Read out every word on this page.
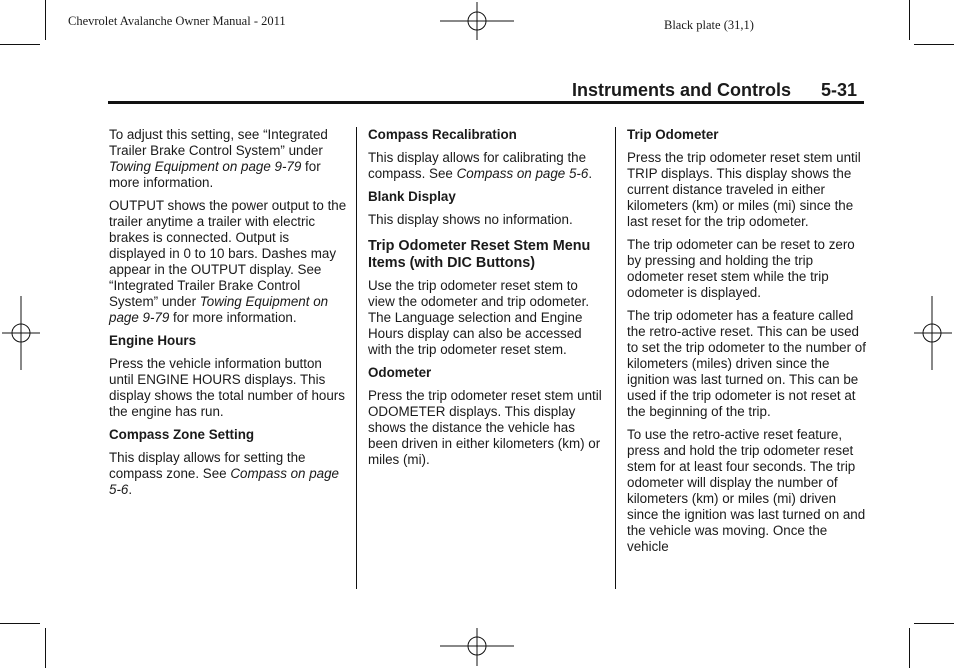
Chevrolet Avalanche Owner Manual - 2011	Black plate (31,1)
Instruments and Controls 5-31

To adjust this setting, see “Integrated Trailer Brake Control System” under Towing Equipment on page 9-79 for more information.

OUTPUT shows the power output to the trailer anytime a trailer with electric brakes is connected. Output is displayed in 0 to 10 bars. Dashes may appear in the OUTPUT display. See “Integrated Trailer Brake Control System” under Towing Equipment on page 9-79 for more information.

Engine Hours

Press the vehicle information button until ENGINE HOURS displays. This display shows the total number of hours the engine has run.

Compass Zone Setting

This display allows for setting the compass zone. See Compass on page 5-6.

Compass Recalibration

This display allows for calibrating the compass. See Compass on page 5-6.

Blank Display

This display shows no information.

Trip Odometer Reset Stem Menu Items (with DIC Buttons)

Use the trip odometer reset stem to view the odometer and trip odometer. The Language selection and Engine Hours display can also be accessed with the trip odometer reset stem.

Odometer

Press the trip odometer reset stem until ODOMETER displays. This display shows the distance the vehicle has been driven in either kilometers (km) or miles (mi).

Trip Odometer

Press the trip odometer reset stem until TRIP displays. This display shows the current distance traveled in either kilometers (km) or miles (mi) since the last reset for the trip odometer.

The trip odometer can be reset to zero by pressing and holding the trip odometer reset stem while the trip odometer is displayed.

The trip odometer has a feature called the retro-active reset. This can be used to set the trip odometer to the number of kilometers (miles) driven since the ignition was last turned on. This can be used if the trip odometer is not reset at the beginning of the trip.

To use the retro-active reset feature, press and hold the trip odometer reset stem for at least four seconds. The trip odometer will display the number of kilometers (km) or miles (mi) driven since the ignition was last turned on and the vehicle was moving. Once the vehicle
